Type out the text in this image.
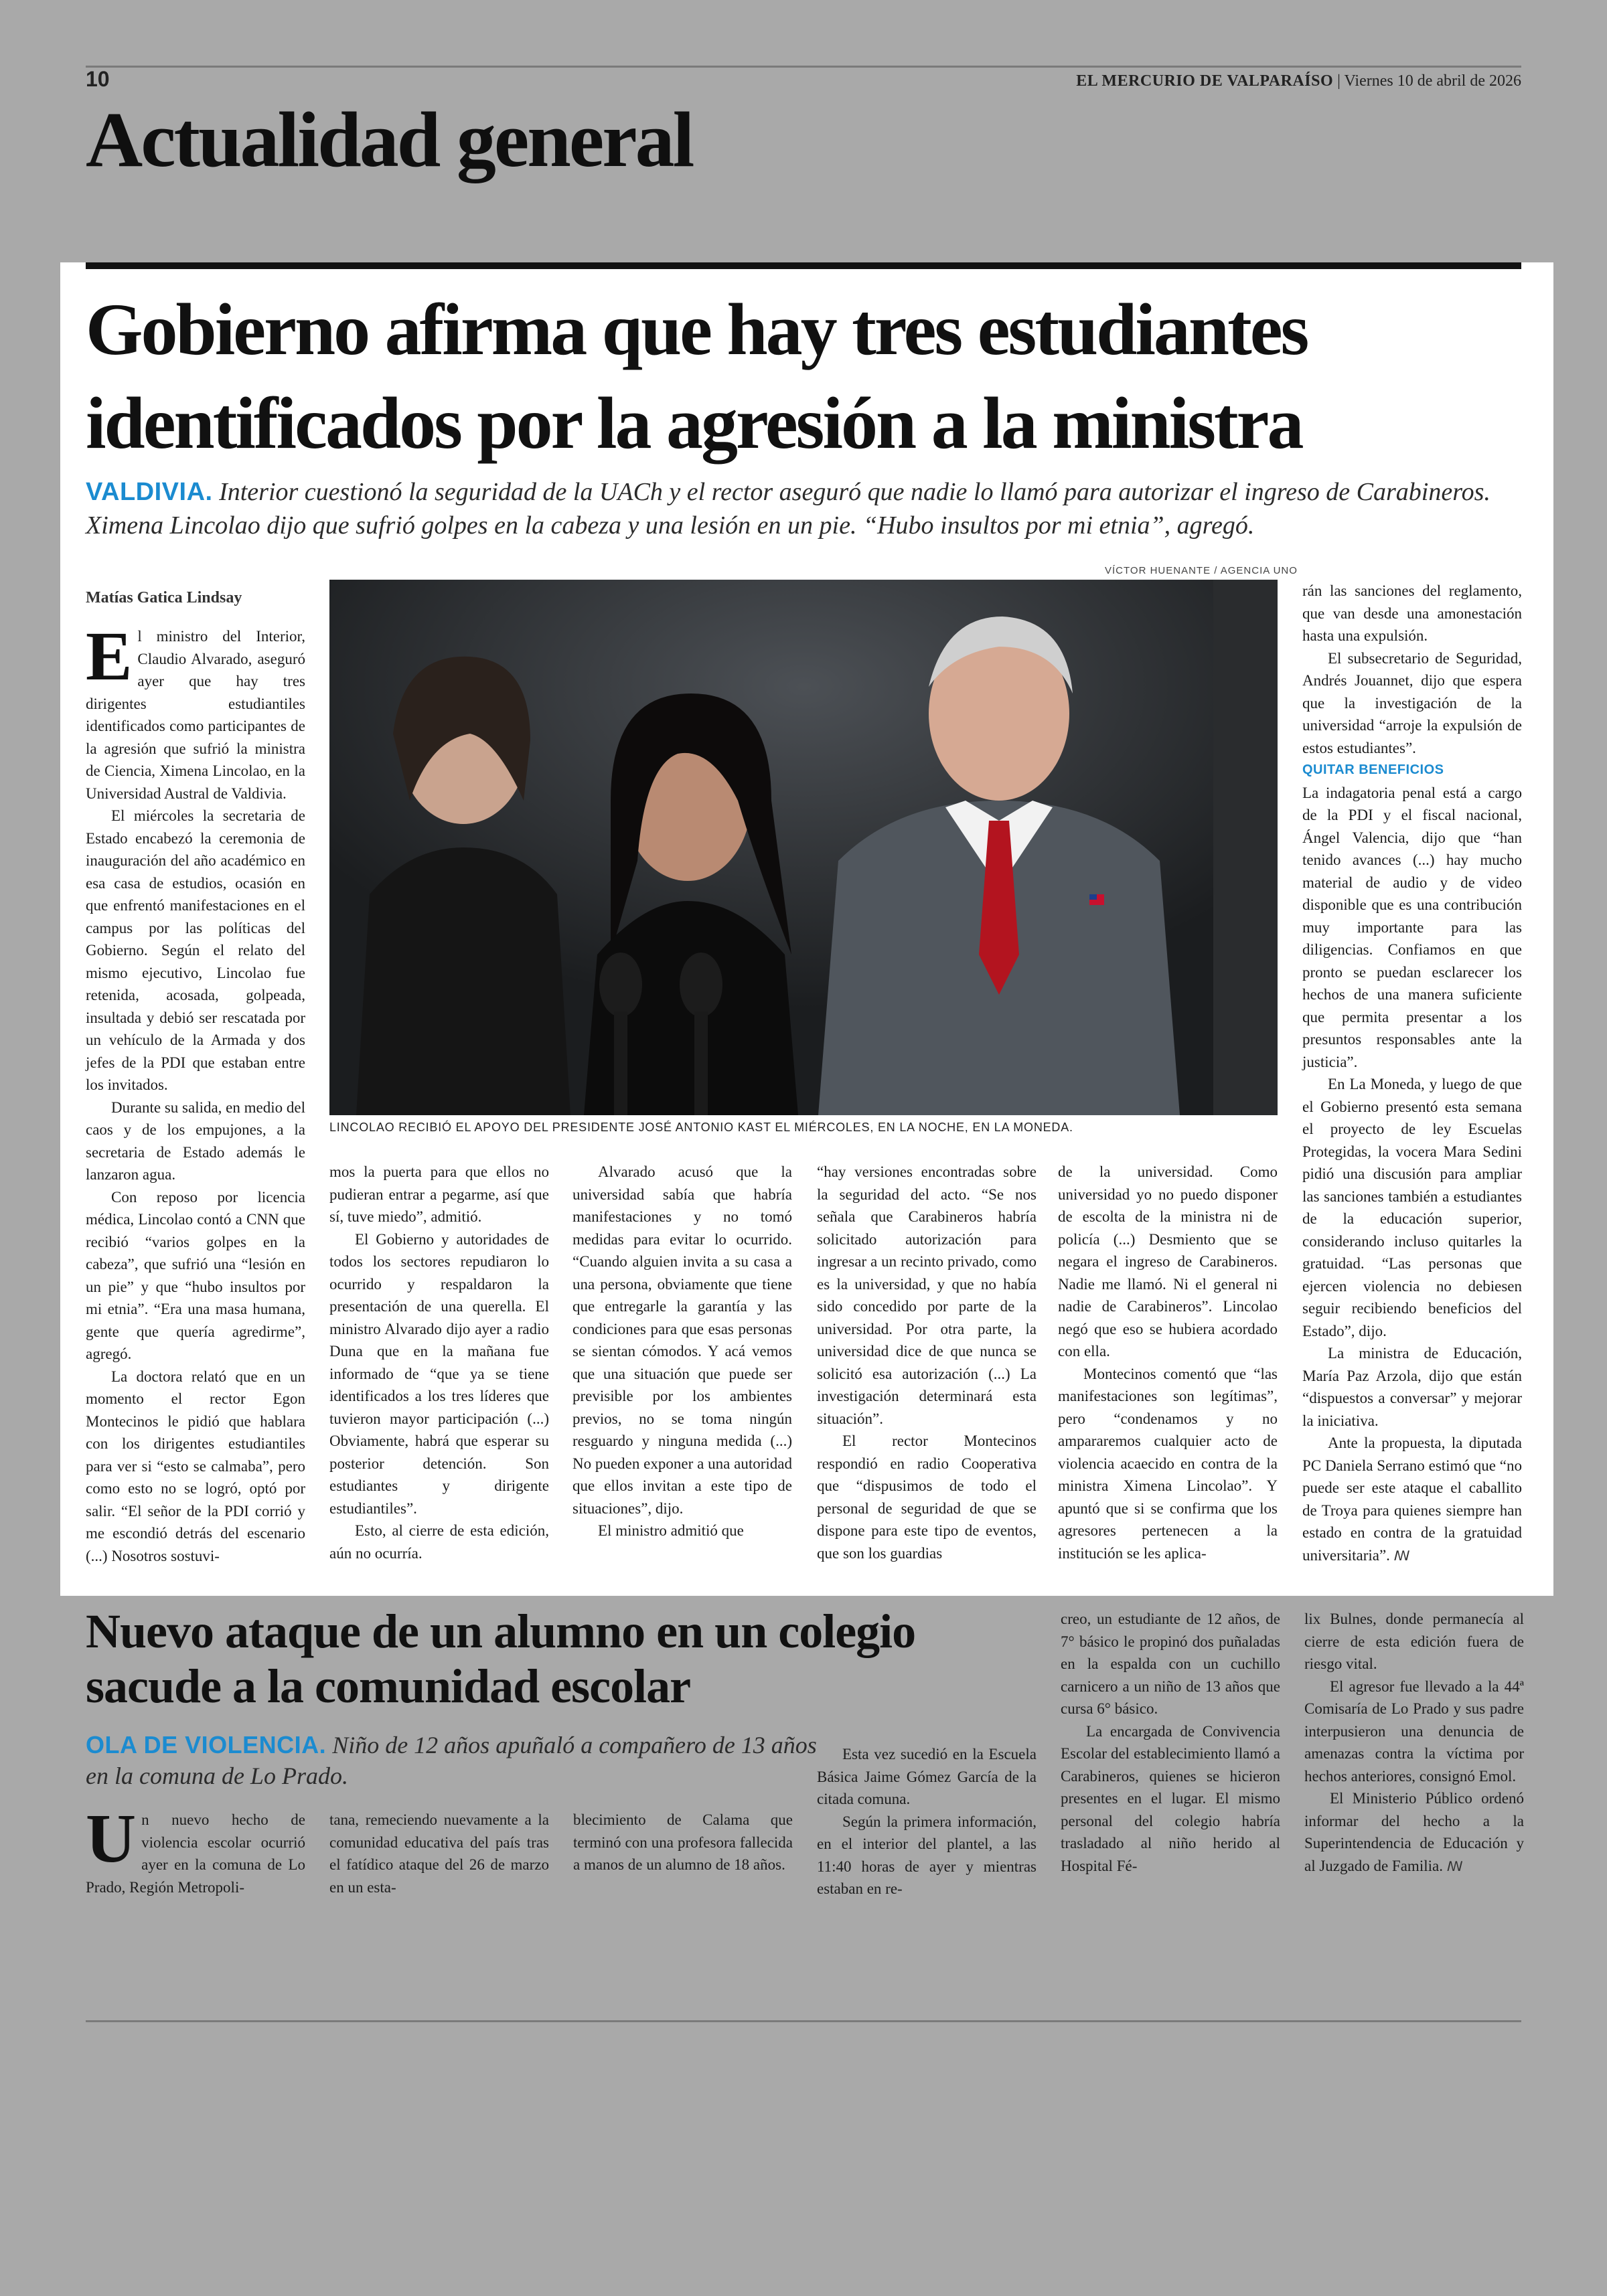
10	EL MERCURIO DE VALPARAÍSO | Viernes 10 de abril de 2026
Actualidad general
Gobierno afirma que hay tres estudiantes identificados por la agresión a la ministra
VALDIVIA. Interior cuestionó la seguridad de la UACh y el rector aseguró que nadie lo llamó para autorizar el ingreso de Carabineros. Ximena Lincolao dijo que sufrió golpes en la cabeza y una lesión en un pie. “Hubo insultos por mi etnia”, agregó.
VÍCTOR HUENANTE / AGENCIA UNO
Matías Gatica Lindsay
LINCOLAO RECIBIÓ EL APOYO DEL PRESIDENTE JOSÉ ANTONIO KAST EL MIÉRCOLES, EN LA NOCHE, EN LA MONEDA.
E l ministro del Interior, Claudio Alvarado, aseguró ayer que hay tres dirigentes estudiantiles identificados como participantes de la agresión que sufrió la ministra de Ciencia, Ximena Lincolao, en la Universidad Austral de Valdivia.

El miércoles la secretaria de Estado encabezó la ceremonia de inauguración del año académico en esa casa de estudios, ocasión en que enfrentó manifestaciones en el campus por las políticas del Gobierno. Según el relato del mismo ejecutivo, Lincolao fue retenida, acosada, golpeada, insultada y debió ser rescatada por un vehículo de la Armada y dos jefes de la PDI que estaban entre los invitados.

Durante su salida, en medio del caos y de los empujones, a la secretaria de Estado además le lanzaron agua.

Con reposo por licencia médica, Lincolao contó a CNN que recibió “varios golpes en la cabeza”, que sufrió una “lesión en un pie” y que “hubo insultos por mi etnia”. “Era una masa humana, gente que quería agredirme”, agregó.

La doctora relató que en un momento el rector Egon Montecinos le pidió que hablara con los dirigentes estudiantiles para ver si “esto se calmaba”, pero como esto no se logró, optó por salir. “El señor de la PDI corrió y me escondió detrás del escenario (...) Nosotros sostuvi-

mos la puerta para que ellos no pudieran entrar a pegarme, así que sí, tuve miedo”, admitió.

El Gobierno y autoridades de todos los sectores repudiaron lo ocurrido y respaldaron la presentación de una querella. El ministro Alvarado dijo ayer a radio Duna que en la mañana fue informado de “que ya se tiene identificados a los tres líderes que tuvieron mayor participación (...) Obviamente, habrá que esperar su posterior detención. Son estudiantes y dirigente estudiantiles”.

Esto, al cierre de esta edición, aún no ocurría.

Alvarado acusó que la universidad sabía que habría manifestaciones y no tomó medidas para evitar lo ocurrido. “Cuando alguien invita a su casa a una persona, obviamente que tiene que entregarle la garantía y las condiciones para que esas personas se sientan cómodos. Y acá vemos que una situación que puede ser previsible por los ambientes previos, no se toma ningún resguardo y ninguna medida (...) No pueden exponer a una autoridad que ellos invitan a este tipo de situaciones”, dijo.

El ministro admitió que

“hay versiones encontradas sobre la seguridad del acto. “Se nos señala que Carabineros habría solicitado autorización para ingresar a un recinto privado, como es la universidad, y que no había sido concedido por parte de la universidad. Por otra parte, la universidad dice de que nunca se solicitó esa autorización (...) La investigación determinará esta situación”.

El rector Montecinos respondió en radio Cooperativa que “dispusimos de todo el personal de seguridad de que se dispone para este tipo de eventos, que son los guardias

de la universidad. Como universidad yo no puedo disponer de escolta de la ministra ni de policía (...) Desmiento que se negara el ingreso de Carabineros. Nadie me llamó. Ni el general ni nadie de Carabineros”. Lincolao negó que eso se hubiera acordado con ella.

Montecinos comentó que “las manifestaciones son legítimas”, pero “condenamos y no ampararemos cualquier acto de violencia acaecido en contra de la ministra Ximena Lincolao”. Y apuntó que si se confirma que los agresores pertenecen a la institución se les aplica-

rán las sanciones del reglamento, que van desde una amonestación hasta una expulsión.

El subsecretario de Seguridad, Andrés Jouannet, dijo que espera que la investigación de la universidad “arroje la expulsión de estos estudiantes”.

QUITAR BENEFICIOS

La indagatoria penal está a cargo de la PDI y el fiscal nacional, Ángel Valencia, dijo que “han tenido avances (...) hay mucho material de audio y de video disponible que es una contribución muy importante para las diligencias. Confiamos en que pronto se puedan esclarecer los hechos de una manera suficiente que permita presentar a los presuntos responsables ante la justicia”.

En La Moneda, y luego de que el Gobierno presentó esta semana el proyecto de ley Escuelas Protegidas, la vocera Mara Sedini pidió una discusión para ampliar las sanciones también a estudiantes de la educación superior, considerando incluso quitarles la gratuidad. “Las personas que ejercen violencia no debiesen seguir recibiendo beneficios del Estado”, dijo.

La ministra de Educación, María Paz Arzola, dijo que están “dispuestos a conversar” y mejorar la iniciativa.

Ante la propuesta, la diputada PC Daniela Serrano estimó que “no puede ser este ataque el caballito de Troya para quienes siempre han estado en contra de la gratuidad universitaria”. ꟿ

Nuevo ataque de un alumno en un colegio sacude a la comunidad escolar
OLA DE VIOLENCIA. Niño de 12 años apuñaló a compañero de 13 años en la comuna de Lo Prado.
U n nuevo hecho de violencia escolar ocurrió ayer en la comuna de Lo Prado, Región Metropoli-

tana, remeciendo nuevamente a la comunidad educativa del país tras el fatídico ataque del 26 de marzo en un esta-

blecimiento de Calama que terminó con una profesora fallecida a manos de un alumno de 18 años.

Esta vez sucedió en la Escuela Básica Jaime Gómez García de la citada comuna.

Según la primera información, en el interior del plantel, a las 11:40 horas de ayer y mientras estaban en re-

creo, un estudiante de 12 años, de 7° básico le propinó dos puñaladas en la espalda con un cuchillo carnicero a un niño de 13 años que cursa 6° básico.

La encargada de Convivencia Escolar del establecimiento llamó a Carabineros, quienes se hicieron presentes en el lugar. El mismo personal del colegio habría trasladado al niño herido al Hospital Fé-

lix Bulnes, donde permanecía al cierre de esta edición fuera de riesgo vital.

El agresor fue llevado a la 44ª Comisaría de Lo Prado y sus padre interpusieron una denuncia de amenazas contra la víctima por hechos anteriores, consignó Emol.

El Ministerio Público ordenó informar del hecho a la Superintendencia de Educación y al Juzgado de Familia. ꟿ
